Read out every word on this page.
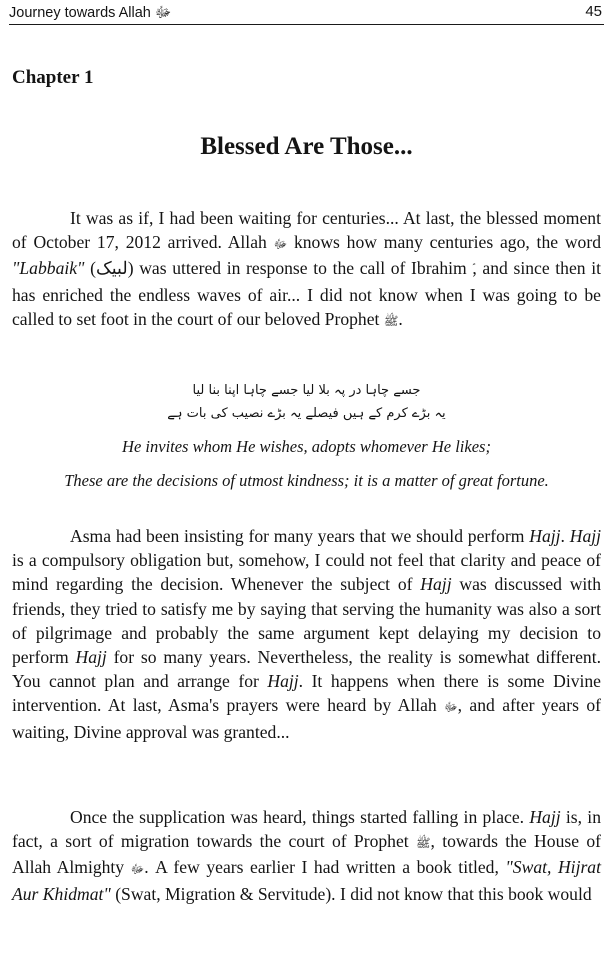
Journey towards Allah ﷻ	45
Chapter 1
Blessed Are Those...

It was as if, I had been waiting for centuries... At last, the blessed moment of October 17, 2012 arrived. Allah ﷻ knows how many centuries ago, the word "Labbaik" (لبیک) was uttered in response to the call of Ibrahim , and since then it has enriched the endless waves of air... I did not know when I was going to be called to set foot in the court of our beloved Prophet ﷺ.

جسے چاہا در پہ بلا لیا جسے چاہا اپنا بنا لیا
یہ بڑے کرم کے ہیں فیصلے یہ بڑے نصیب کی بات ہے
He invites whom He wishes, adopts whomever He likes;
These are the decisions of utmost kindness; it is a matter of great fortune.

Asma had been insisting for many years that we should perform Hajj. Hajj is a compulsory obligation but, somehow, I could not feel that clarity and peace of mind regarding the decision. Whenever the subject of Hajj was discussed with friends, they tried to satisfy me by saying that serving the humanity was also a sort of pilgrimage and probably the same argument kept delaying my decision to perform Hajj for so many years. Nevertheless, the reality is somewhat different. You cannot plan and arrange for Hajj. It happens when there is some Divine intervention. At last, Asma's prayers were heard by Allah ﷻ, and after years of waiting, Divine approval was granted...

Once the supplication was heard, things started falling in place. Hajj is, in fact, a sort of migration towards the court of Prophet ﷺ, towards the House of Allah Almighty ﷻ. A few years earlier I had written a book titled, "Swat, Hijrat Aur Khidmat" (Swat, Migration & Servitude). I did not know that this book would
